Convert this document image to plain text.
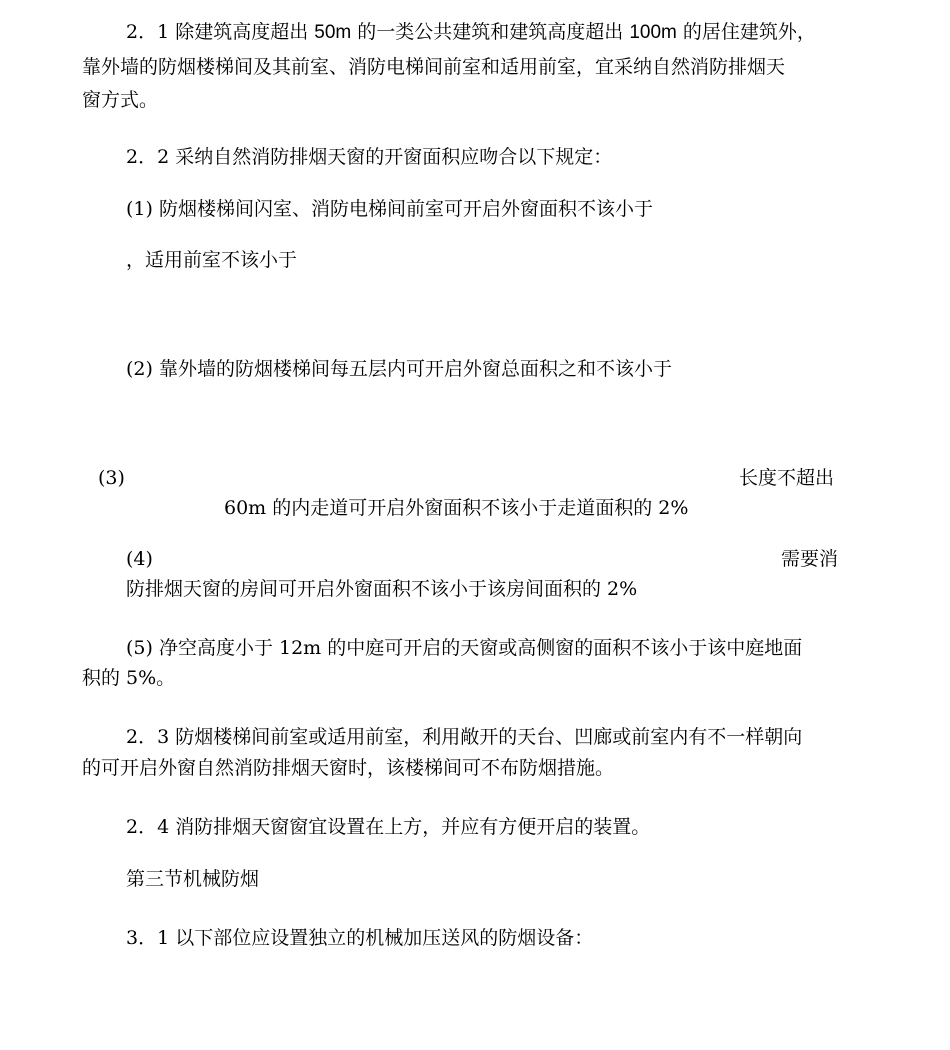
2．1 除建筑高度超出 50m 的一类公共建筑和建筑高度超出 100m 的居住建筑外，
靠外墙的防烟楼梯间及其前室、消防电梯间前室和适用前室，宜采纳自然消防排烟天
窗方式。
2．2 采纳自然消防排烟天窗的开窗面积应吻合以下规定：
(1) 防烟楼梯间闪室、消防电梯间前室可开启外窗面积不该小于
，适用前室不该小于
(2) 靠外墙的防烟楼梯间每五层内可开启外窗总面积之和不该小于
(3)	长度不超出
60m 的内走道可开启外窗面积不该小于走道面积的 2%
(4)	需要消
防排烟天窗的房间可开启外窗面积不该小于该房间面积的 2%
(5) 净空高度小于 12m 的中庭可开启的天窗或高侧窗的面积不该小于该中庭地面
积的 5%。
2．3 防烟楼梯间前室或适用前室，利用敞开的天台、凹廊或前室内有不一样朝向
的可开启外窗自然消防排烟天窗时，该楼梯间可不布防烟措施。
2．4 消防排烟天窗窗宜设置在上方，并应有方便开启的装置。
第三节机械防烟
3．1 以下部位应设置独立的机械加压送风的防烟设备：
